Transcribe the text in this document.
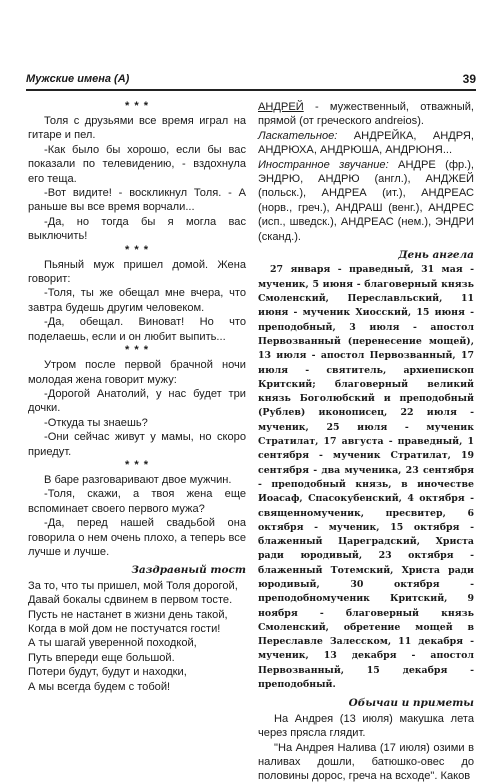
Мужские имена (А)	39
* * *

Толя с друзьями все время играл на гитаре и пел.

-Как было бы хорошо, если бы вас показали по телевидению, - вздохнула его теща.

-Вот видите! - воскликнул Толя. - А раньше вы все время ворчали...

-Да, но тогда бы я могла вас выключить!

* * *

Пьяный муж пришел домой. Жена говорит:

-Толя, ты же обещал мне вчера, что завтра будешь другим человеком.

-Да, обещал. Виноват! Но что поделаешь, если и он любит выпить...

* * *

Утром после первой брачной ночи молодая жена говорит мужу:

-Дорогой Анатолий, у нас будет три дочки.

-Откуда ты знаешь?

-Они сейчас живут у мамы, но скоро приедут.

* * *

В баре разговаривают двое мужчин.

-Толя, скажи, а твоя жена еще вспоминает своего первого мужа?

-Да, перед нашей свадьбой она говорила о нем очень плохо, а теперь все лучше и лучше.

Заздравный тост

За то, что ты пришел, мой Толя дорогой,

Давай бокалы сдвинем в первом тосте.

Пусть не настанет в жизни день такой,

Когда в мой дом не постучатся гости!

А ты шагай уверенной походкой,

Путь впереди еще большой.

Потери будут, будут и находки,

А мы всегда будем с тобой!

АНДРЕЙ - мужественный, отважный, прямой (от греческого andreios).

Ласкательное: АНДРЕЙКА, АНДРЯ, АНДРЮХА, АНДРЮША, АНДРЮНЯ...

Иностранное звучание: АНДРЕ (фр.), ЭНДРЮ, АНДРЮ (англ.), АНДЖЕЙ (польск.), АНДРЕА (ит.), АНДРЕАС (норв., греч.), АНДРАШ (венг.), АНДРЕС (исп., шведск.), АНДРЕАС (нем.), ЭНДРИ (сканд.).

День ангела

27 января - праведный, 31 мая - мученик, 5 июня - благоверный князь Смоленский, Переславльский, 11 июня - мученик Хиосский, 15 июня - преподобный, 3 июля - апостол Первозванный (перенесение мощей), 13 июля - апостол Первозванный, 17 июля - святитель, архиепископ Критский; благоверный великий князь Боголюбский и преподобный (Рублев) иконописец, 22 июля - мученик, 25 июля - мученик Стратилат, 17 августа - праведный, 1 сентября - мученик Стратилат, 19 сентября - два мученика, 23 сентября - преподобный князь, в иночестве Иоасаф, Спасокубенский, 4 октября - священномученик, пресвитер, 6 октября - мученик, 15 октября - блаженный Цареградский, Христа ради юродивый, 23 октября - блаженный Тотемский, Христа ради юродивый, 30 октября - преподобномученик Критский, 9 ноября - благоверный князь Смоленский, обретение мощей в Переславле Залесском, 11 декабря - мученик, 13 декабря - апостол Первозванный, 15 декабря - преподобный.

Обычаи и приметы

На Андрея (13 июля) макушка лета через прясла глядит.

"На Андрея Налива (17 июля) озими в наливах дошли, батюшко-овес до половины дорос, греча на всходе". Каков
